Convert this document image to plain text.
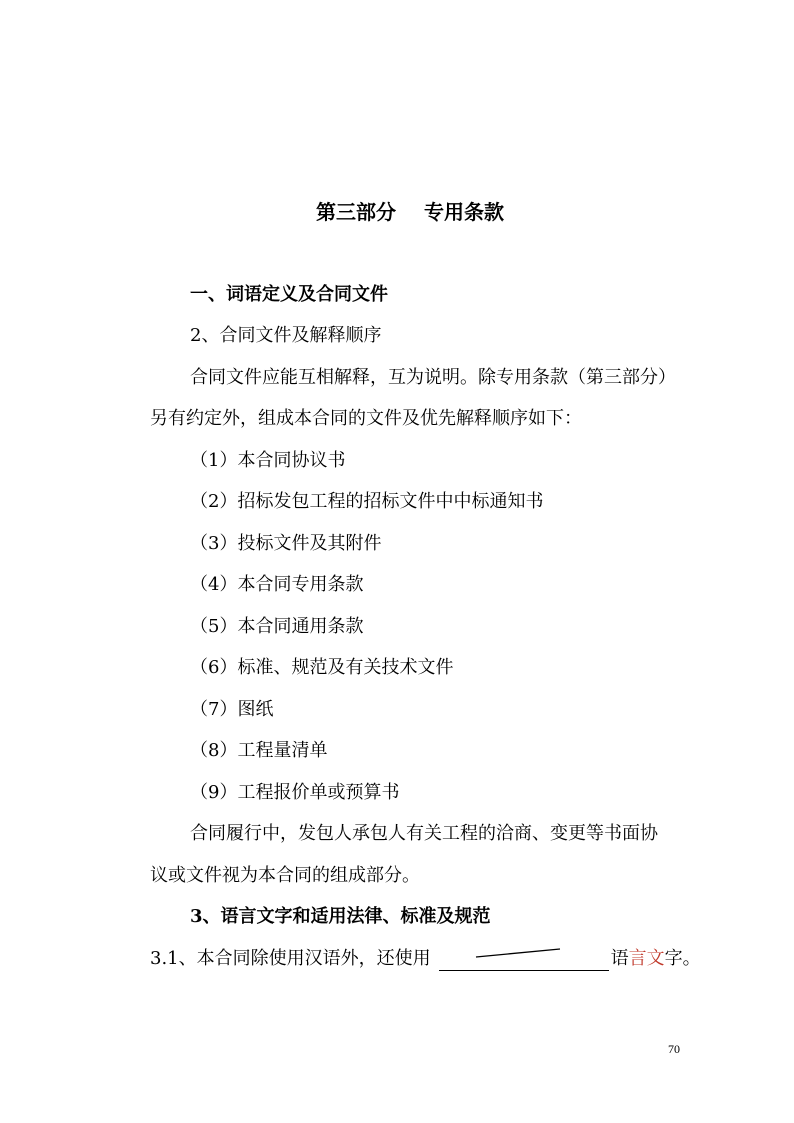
第三部分 专用条款
一、词语定义及合同文件
2、合同文件及解释顺序
合同文件应能互相解释，互为说明。除专用条款（第三部分）
另有约定外，组成本合同的文件及优先解释顺序如下：
（1）本合同协议书
（2）招标发包工程的招标文件中中标通知书
（3）投标文件及其附件
（4）本合同专用条款
（5）本合同通用条款
（6）标准、规范及有关技术文件
（7）图纸
（8）工程量清单
（9）工程报价单或预算书
合同履行中，发包人承包人有关工程的洽商、变更等书面协
议或文件视为本合同的组成部分。
3、语言文字和适用法律、标准及规范
3.1、本合同除使用汉语外，还使用	语言文字。
70
